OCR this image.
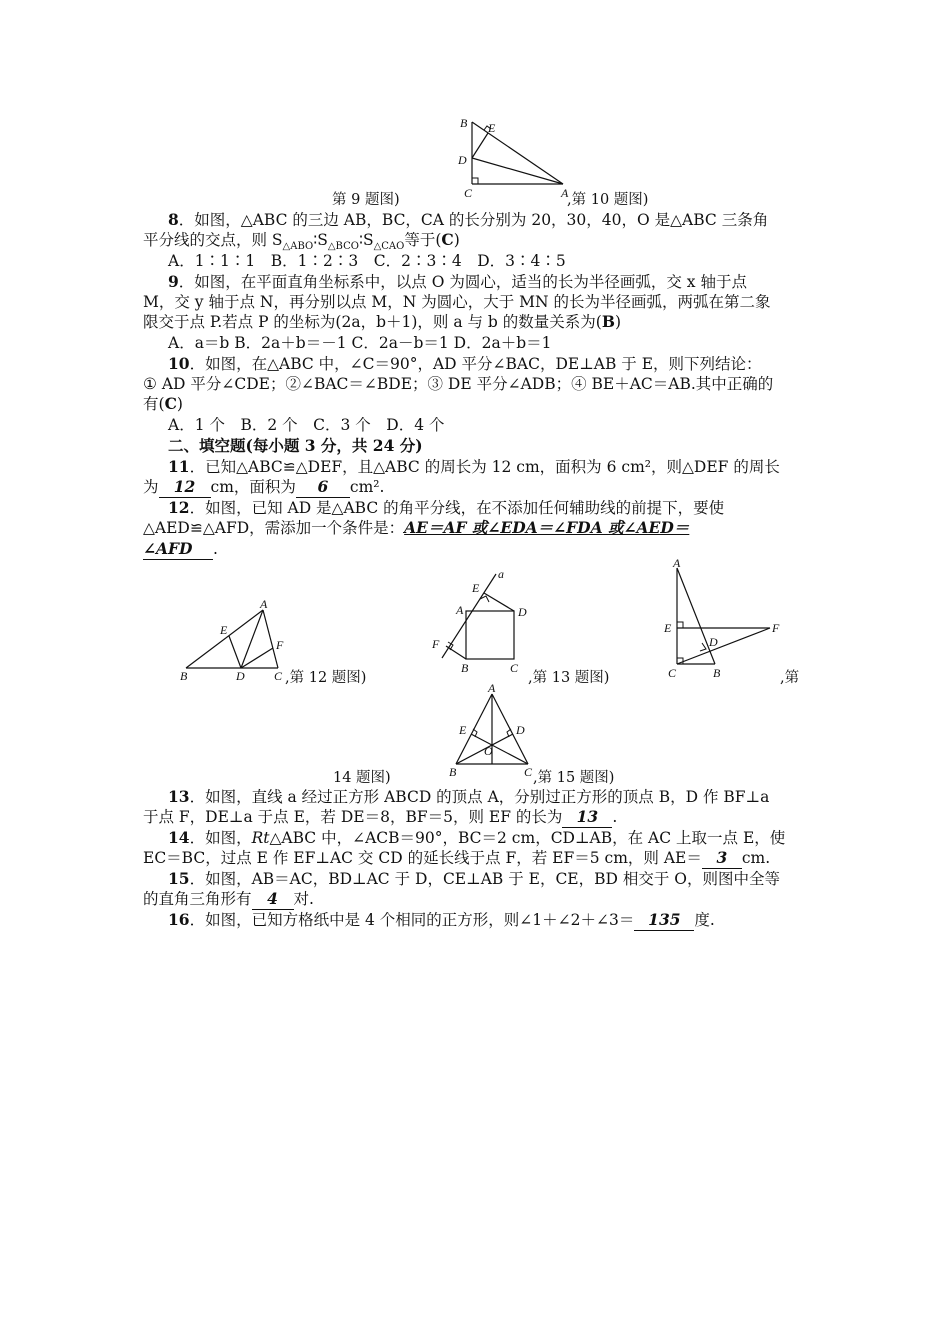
B E
D
C	A
第 9 题图)	,第 10 题图)
8．如图，△ABC 的三边 AB，BC，CA 的长分别为 20，30，40，O 是△ABC 三条角
平分线的交点，则 $S_{\triangle ABO}∶S_{\triangle BCO}∶S_{\triangle CAO}$等于(C)
A．1∶1∶1　B．1∶2∶3　C．2∶3∶4　D．3∶4∶5
9．如图，在平面直角坐标系中，以点 O 为圆心，适当的长为半径画弧，交 x 轴于点
M，交 y 轴于点 N，再分别以点 M，N 为圆心，大于 MN 的长为半径画弧，两弧在第二象
限交于点 P.若点 P 的坐标为(2a，b＋1)，则 a 与 b 的数量关系为(B)
A．a＝b B．2a＋b＝－1 C．2a－b＝1 D．2a＋b＝1
10．如图，在△ABC 中，∠C＝90°，AD 平分∠BAC，DE⊥AB 于 E，则下列结论：
① AD 平分∠CDE；②∠BAC＝∠BDE；③ DE 平分∠ADB；④ BE＋AC＝AB.其中正确的
有(C)
A．1 个　B．2 个　C．3 个　D．4 个
二、填空题(每小题 3 分，共 24 分)
11．已知△ABC≌△DEF，且△ABC 的周长为 12 cm，面积为 6 cm²，则△DEF 的周长
为 12 cm，面积为 6 cm².
12．如图，已知 AD 是△ABC 的角平分线，在不添加任何辅助线的前提下，要使
△AED≌△AFD，需添加一个条件是：AE＝AF 或∠EDA＝∠FDA 或∠AED＝
∠AFD .
A
E
F
B	D C ,第 12 题图)
E
a
A	D
F
B	C
,第 13 题图)
A
E
D
F
C	B	,第
A
E	D
O
B	C
14 题图)	,第 15 题图)
13．如图，直线 a 经过正方形 ABCD 的顶点 A，分别过正方形的顶点 B，D 作 BF⊥a
于点 F，DE⊥a 于点 E，若 DE＝8，BF＝5，则 EF 的长为 13 .
14．如图，Rt△ABC 中，∠ACB＝90°，BC＝2 cm，CD⊥AB，在 AC 上取一点 E，使
EC＝BC，过点 E 作 EF⊥AC 交 CD 的延长线于点 F，若 EF＝5 cm，则 AE＝ 3 cm.
15．如图，AB＝AC，BD⊥AC 于 D，CE⊥AB 于 E，CE，BD 相交于 O，则图中全等
的直角三角形有 4 对.
16．如图，已知方格纸中是 4 个相同的正方形，则∠1＋∠2＋∠3＝ 135 度.
